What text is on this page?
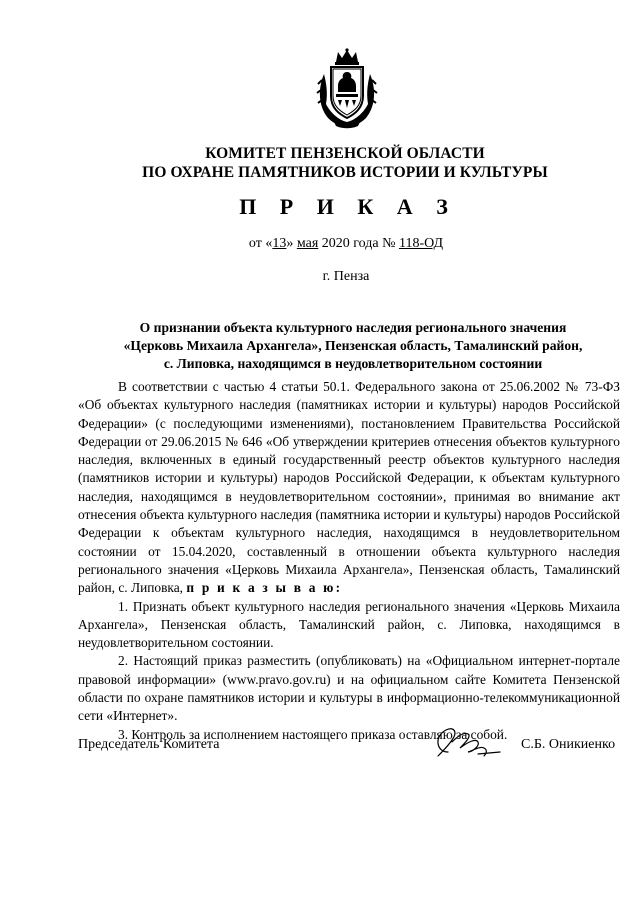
КОМИТЕТ ПЕНЗЕНСКОЙ ОБЛАСТИ
ПО ОХРАНЕ ПАМЯТНИКОВ ИСТОРИИ И КУЛЬТУРЫ
П Р И К А З
от «13» мая 2020 года № 118-ОД
г. Пенза
О признании объекта культурного наследия регионального значения
«Церковь Михаила Архангела», Пензенская область, Тамалинский район,
с. Липовка, находящимся в неудовлетворительном состоянии

В соответствии с частью 4 статьи 50.1. Федерального закона от 25.06.2002 № 73-ФЗ «Об объектах культурного наследия (памятниках истории и культуры) народов Российской Федерации» (с последующими изменениями), постановлением Правительства Российской Федерации от 29.06.2015 № 646 «Об утверждении критериев отнесения объектов культурного наследия, включенных в единый государственный реестр объектов культурного наследия (памятников истории и культуры) народов Российской Федерации, к объектам культурного наследия, находящимся в неудовлетворительном состоянии», принимая во внимание акт отнесения объекта культурного наследия (памятника истории и культуры) народов Российской Федерации к объектам культурного наследия, находящимся в неудовлетворительном состоянии от 15.04.2020, составленный в отношении объекта культурного наследия регионального значения «Церковь Михаила Архангела», Пензенская область, Тамалинский район, с. Липовка, п р и к а з ы в а ю:

1. Признать объект культурного наследия регионального значения «Церковь Михаила Архангела», Пензенская область, Тамалинский район, с. Липовка, находящимся в неудовлетворительном состоянии.

2. Настоящий приказ разместить (опубликовать) на «Официальном интернет-портале правовой информации» (www.pravo.gov.ru) и на официальном сайте Комитета Пензенской области по охране памятников истории и культуры в информационно-телекоммуникационной сети «Интернет».

3. Контроль за исполнением настоящего приказа оставляю за собой.

Председатель Комитета	С.Б. Оникиенко
